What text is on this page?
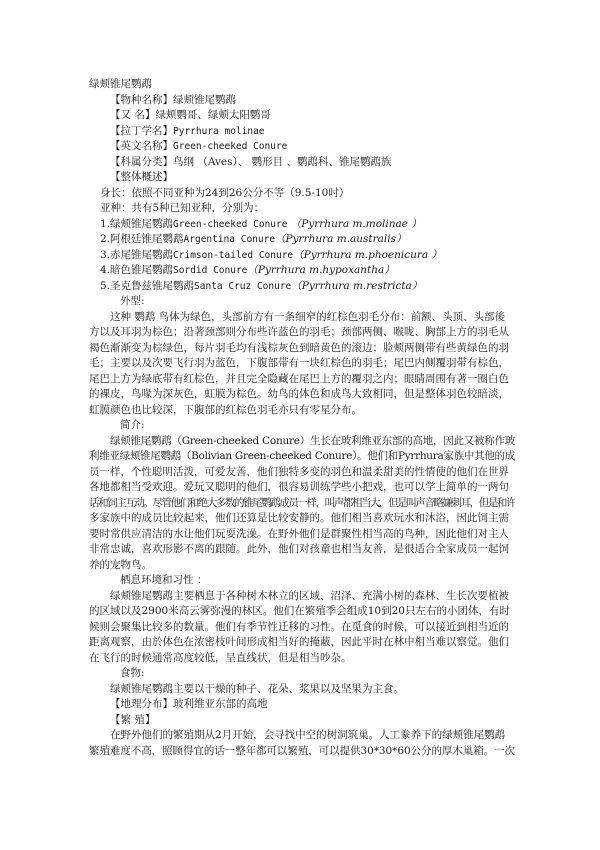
绿颊锥尾鹦鹉
【物种名称】绿颊锥尾鹦鹉
【又 名】绿颊鹦哥、绿颊太阳鹦哥
【拉丁学名】Pyrrhura molinae
【英文名称】Green-cheeked Conure
【科属分类】鸟纲 （Aves）、 鹦形目 、鹦鹉科、锥尾鹦鹉族
【整体概述】
身长：依照不同亚种为24到26公分不等（9.5-10吋）
亚种：共有5种已知亚种，分别为：
1.绿颊锥尾鹦鹉Green-cheeked Conure （Pyrrhura m.molinae ）
2.阿根廷锥尾鹦鹉Argentina Conure（Pyrrhura m.australis）
3.赤尾锥尾鹦鹉Crimson-tailed Conure（Pyrrhura m.phoenicura ）
4.暗色锥尾鹦鹉Sordid Conure（Pyrrhura m.hypoxantha）
5.圣克鲁兹锥尾鹦鹉Santa Cruz Conure（Pyrrhura m.restricta）
外型:
这种 鹦鹉 鸟体为绿色，头部前方有一条细窄的红棕色羽毛分布：前额、头顶、头部後
方以及耳羽为棕色；沿著颈部则分布些许蓝色的羽毛；颈部两侧、喉咙、胸部上方的羽毛从
褐色渐渐变为棕绿色，每片羽毛均有浅棕灰色到暗黄色的滚边；脸颊两侧带有些黄绿色的羽
毛；主要以及次要飞行羽为蓝色，下腹部带有一块红棕色的羽毛；尾巴内侧覆羽带有棕色，
尾巴上方为绿底带有红棕色，并且完全隐藏在尾巴上方的覆羽之内；眼睛周围有著一圈白色
的裸皮，鸟喙为深灰色，虹膜为棕色。幼鸟的体色和成鸟大致相同，但是整体羽色较暗淡，
虹膜颜色也比较深，下腹部的红棕色羽毛亦只有零星分布。
简介:
绿颊锥尾鹦鹉（Green-cheeked Conure）生长在玻利维亚东部的高地，因此又被称作玻
利维亚绿颊锥尾鹦鹉（Bolivian Green-cheeked Conure）。他们和Pyrrhura家族中其他的成
员一样，个性聪明活泼，可爱友善，他们独特多变的羽色和温柔甜美的性情使的他们在世界
各地都相当受欢迎。爱玩又聪明的他们，很容易训练学些小把戏，也可以学上简单的一两句
话和饲主互动。尽管他们和绝大多数的锥尾鹦鹉成员一样，叫声都相当大，但是叫声音略嫌刺耳，但是和许
多家族中的成员比较起来，他们还算是比较安静的。他们相当喜欢玩水和沐浴，因此饲主需
要时常供应清洁的水让他们玩耍洗澡。在野外他们是群聚性相当高的鸟种，因此他们对主人
非常忠诚，喜欢形影不离的跟随。此外，他们对孩童也相当友善，是很适合全家成员一起饲
养的宠物鸟。
栖息环境和习性 ：
绿颊锥尾鹦鹉主要栖息于各种树木林立的区域、沼泽、充满小树的森林、生长次要植被
的区域以及2900米高云雾弥漫的林区。他们在繁殖季会组成10到20只左右的小团体，有时
候则会聚集比较多的数量。他们有季节性迁移的习性。在觅食的时候，可以接近到相当近的
距离观察，由於体色在浓密枝叶间形成相当好的掩蔽，因此平时在林中相当难以察觉。他们
在飞行的时候通常高度较低，呈直线状，但是相当吵杂。
食物:
绿颊锥尾鹦鹉主要以干燥的种子、花朵、浆果以及坚果为主食。
【地理分布】玻利维亚东部的高地
【繁 殖】
在野外他们的繁殖期从2月开始，会寻找中空的树洞筑巢。人工豢养下的绿颊锥尾鹦鹉
繁殖难度不高，照顾得宜的话一整年都可以繁殖，可以提供30*30*60公分的厚木巢箱。一次
